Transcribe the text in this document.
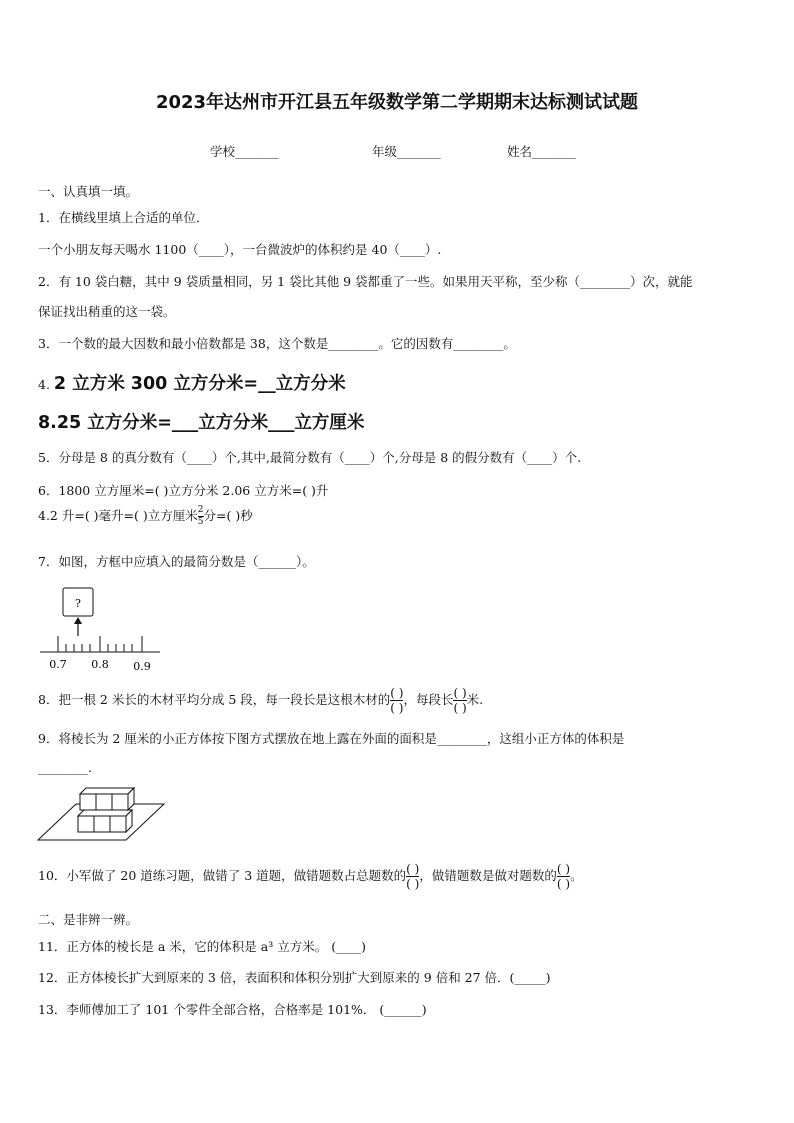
2023年达州市开江县五年级数学第二学期期末达标测试试题
学校_______	年级_______	姓名_______
一、认真填一填。
1．在横线里填上合适的单位．
一个小朋友每天喝水 1100（____），一台微波炉的体积约是 40（____）.
2．有 10 袋白糖，其中 9 袋质量相同，另 1 袋比其他 9 袋都重了一些。如果用天平称，至少称（________）次，就能
保证找出稍重的这一袋。
3．一个数的最大因数和最小倍数都是 38，这个数是________。它的因数有________。
4. 2 立方米 300 立方分米=__立方分米
8.25 立方分米=___立方分米___立方厘米
5．分母是 8 的真分数有（____）个,其中,最简分数有（____）个,分母是 8 的假分数有（____）个.
6．1800 立方厘米=( )立方分米 2.06 立方米=( )升
4.2 升=( )毫升=( )立方厘米 $\frac{2}{5}$ 分=( )秒
7．如图，方框中应填入的最简分数是（______）。
?
0.7 0.8 0.9
8．把一根 2 米长的木材平均分成 5 段，每一段长是这根木材的 $\frac{( )}{( )}$ ，每段长 $\frac{( )}{( )}$ 米.
9．将棱长为 2 厘米的小正方体按下图方式摆放在地上露在外面的面积是________，这组小正方体的体积是
________.
10．小军做了 20 道练习题，做错了 3 道题，做错题数占总题数的 $\frac{( )}{( )}$ ，做错题数是做对题数的 $\frac{( )}{( )}$ 。
二、是非辨一辨。
11．正方体的棱长是 a 米，它的体积是 a³ 立方米。 (____)
12．正方体棱长扩大到原来的 3 倍，表面积和体积分别扩大到原来的 9 倍和 27 倍．(_____)
13．李师傅加工了 101 个零件全部合格，合格率是 101%． (______)
